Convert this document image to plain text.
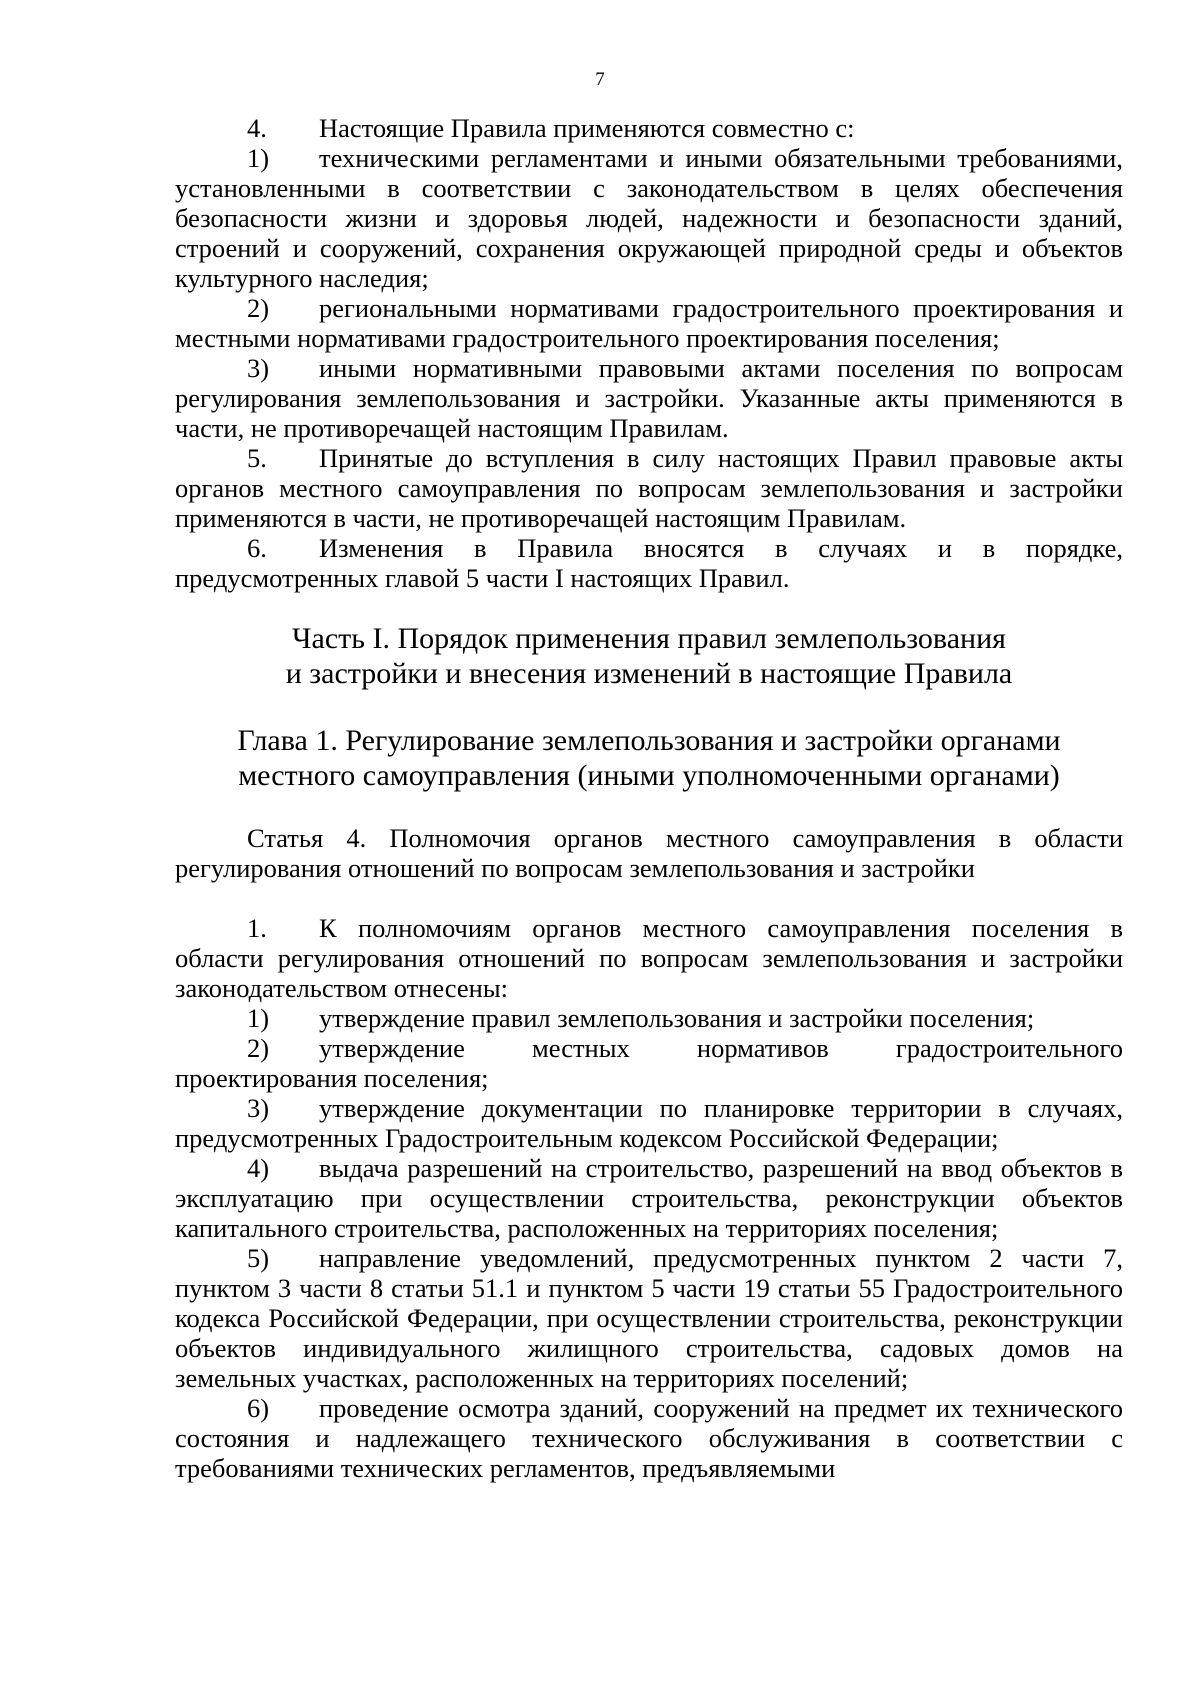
7

4. Настоящие Правила применяются совместно с:

1) техническими регламентами и иными обязательными требованиями, установленными в соответствии с законодательством в целях обеспечения безопасности жизни и здоровья людей, надежности и безопасности зданий, строений и сооружений, сохранения окружающей природной среды и объектов культурного наследия;

2) региональными нормативами градостроительного проектирования и местными нормативами градостроительного проектирования поселения;

3) иными нормативными правовыми актами поселения по вопросам регулирования землепользования и застройки. Указанные акты применяются в части, не противоречащей настоящим Правилам.

5. Принятые до вступления в силу настоящих Правил правовые акты органов местного самоуправления по вопросам землепользования и застройки применяются в части, не противоречащей настоящим Правилам.

6. Изменения в Правила вносятся в случаях и в порядке, предусмотренных главой 5 части I настоящих Правил.

Часть I. Порядок применения правил землепользования
и застройки и внесения изменений в настоящие Правила
Глава 1. Регулирование землепользования и застройки органами
местного самоуправления (иными уполномоченными органами)

Статья 4. Полномочия органов местного самоуправления в области регулирования отношений по вопросам землепользования и застройки

1. К полномочиям органов местного самоуправления поселения в области регулирования отношений по вопросам землепользования и застройки законодательством отнесены:

1) утверждение правил землепользования и застройки поселения;

2) утверждение местных нормативов градостроительного проектирования поселения;

3) утверждение документации по планировке территории в случаях, предусмотренных Градостроительным кодексом Российской Федерации;

4) выдача разрешений на строительство, разрешений на ввод объектов в эксплуатацию при осуществлении строительства, реконструкции объектов капитального строительства, расположенных на территориях поселения;

5) направление уведомлений, предусмотренных пунктом 2 части 7, пунктом 3 части 8 статьи 51.1 и пунктом 5 части 19 статьи 55 Градостроительного кодекса Российской Федерации, при осуществлении строительства, реконструкции объектов индивидуального жилищного строительства, садовых домов на земельных участках, расположенных на территориях поселений;

6) проведение осмотра зданий, сооружений на предмет их технического состояния и надлежащего технического обслуживания в соответствии с требованиями технических регламентов, предъявляемыми
